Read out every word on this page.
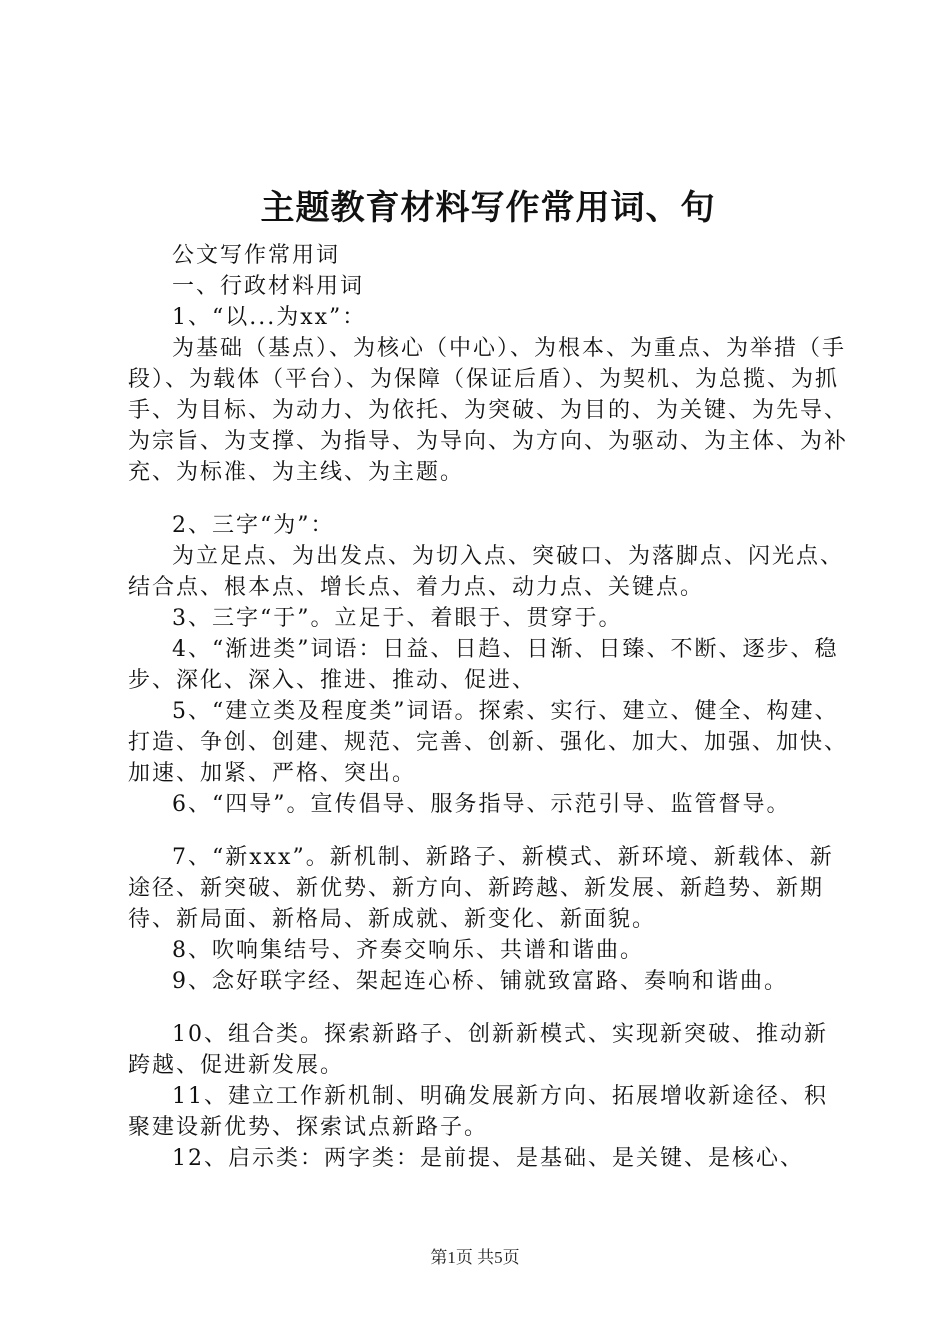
主题教育材料写作常用词、句

公文写作常用词

一、行政材料用词

1、“以...为xx”：

为基础（基点）、为核心（中心）、为根本、为重点、为举措（手段）、为载体（平台）、为保障（保证后盾）、为契机、为总揽、为抓手、为目标、为动力、为依托、为突破、为目的、为关键、为先导、为宗旨、为支撑、为指导、为导向、为方向、为驱动、为主体、为补充、为标准、为主线、为主题。

2、三字“为”：

为立足点、为出发点、为切入点、突破口、为落脚点、闪光点、结合点、根本点、增长点、着力点、动力点、关键点。

3、三字“于”。立足于、着眼于、贯穿于。

4、“渐进类”词语：日益、日趋、日渐、日臻、不断、逐步、稳步、深化、深入、推进、推动、促进、

5、“建立类及程度类”词语。探索、实行、建立、健全、构建、打造、争创、创建、规范、完善、创新、强化、加大、加强、加快、加速、加紧、严格、突出。

6、“四导”。宣传倡导、服务指导、示范引导、监管督导。

7、“新xxx”。新机制、新路子、新模式、新环境、新载体、新途径、新突破、新优势、新方向、新跨越、新发展、新趋势、新期待、新局面、新格局、新成就、新变化、新面貌。

8、吹响集结号、齐奏交响乐、共谱和谐曲。

9、念好联字经、架起连心桥、铺就致富路、奏响和谐曲。

10、组合类。探索新路子、创新新模式、实现新突破、推动新跨越、促进新发展。

11、建立工作新机制、明确发展新方向、拓展增收新途径、积聚建设新优势、探索试点新路子。

12、启示类：两字类：是前提、是基础、是关键、是核心、

第1页 共5页
